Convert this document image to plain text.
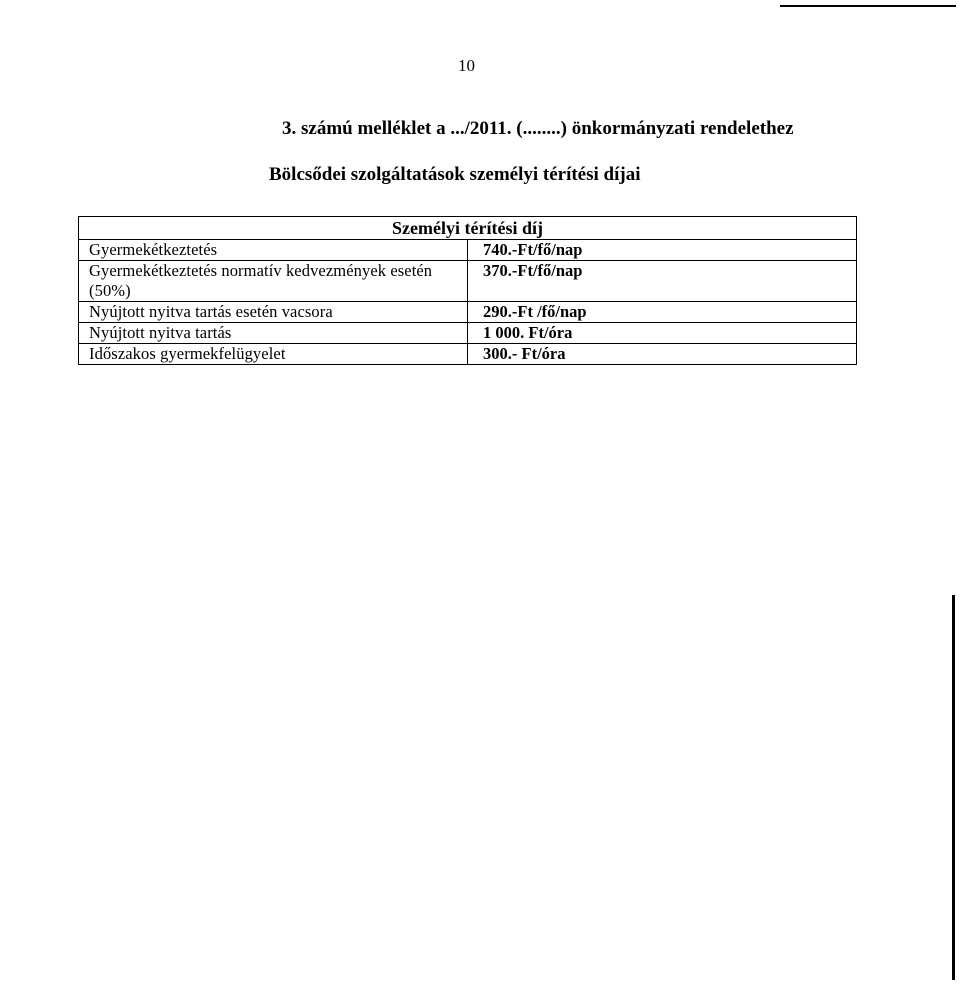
10
3. számú melléklet a .../2011. (........) önkormányzati rendelethez
Bölcsődei szolgáltatások személyi térítési díjai
Személyi térítési díj	
Gyermekétkeztetés	740.-Ft/fő/nap
Gyermekétkeztetés normatív kedvezmények esetén (50%)	370.-Ft/fő/nap
Nyújtott nyitva tartás esetén vacsora	290.-Ft /fő/nap
Nyújtott nyitva tartás	1 000. Ft/óra
Időszakos gyermekfelügyelet	300.- Ft/óra
